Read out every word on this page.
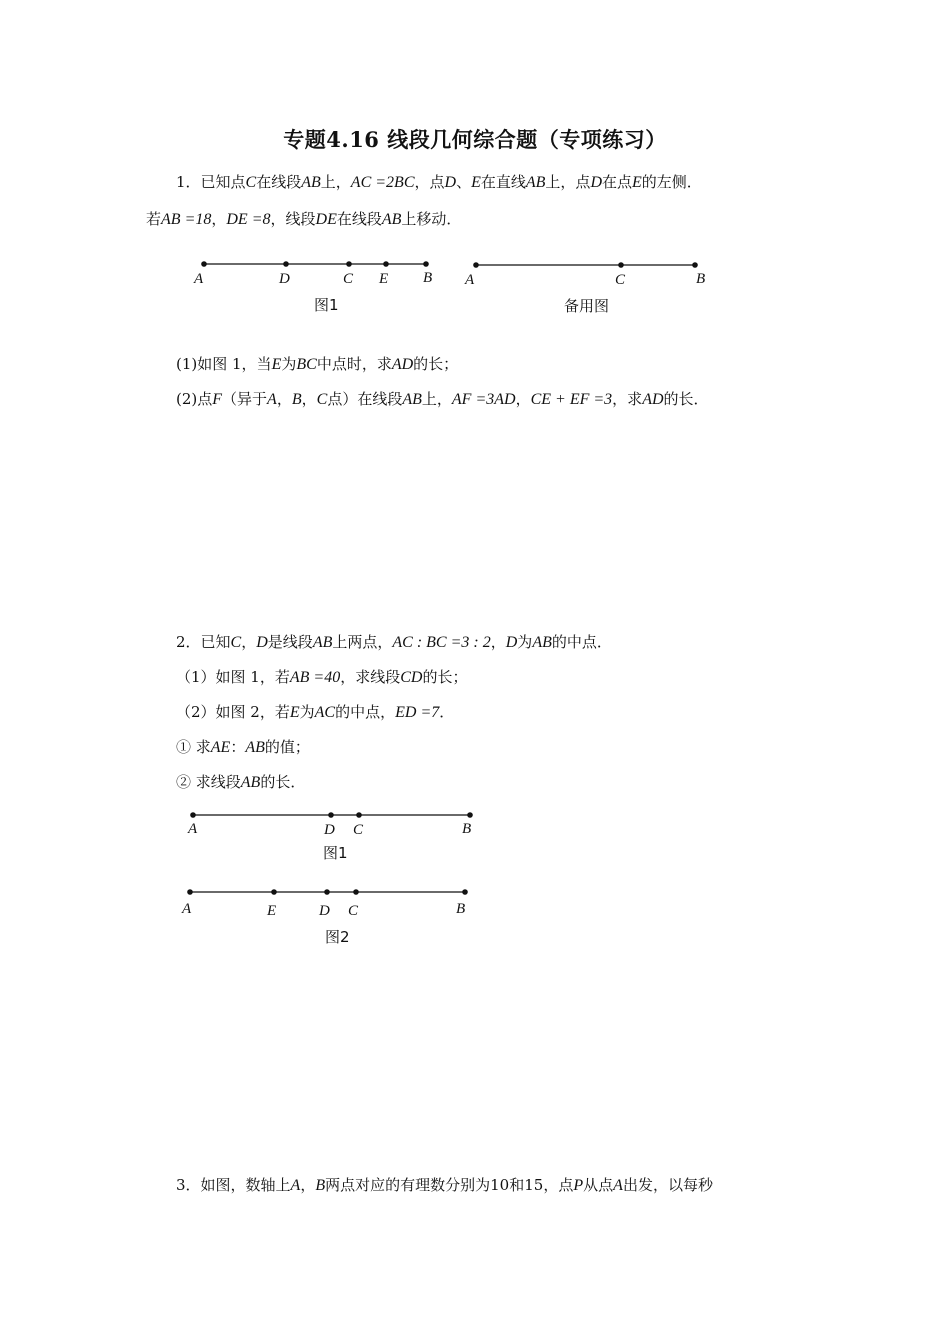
专题4.16 线段几何综合题（专项练习）
1．已知点C在线段AB上，AC =2BC，点D、E在直线AB上，点D在点E的左侧．
若AB =18，DE =8，线段DE在线段AB上移动．
A	D	C E B
图1
A	C	B
备用图
(1)如图 1，当E为BC中点时，求AD的长；
(2)点F（异于A，B，C点）在线段AB上，AF =3AD，CE + EF =3，求AD的长．
2．已知C，D是线段AB上两点，AC : BC =3 : 2，D为AB的中点．
（1）如图 1，若AB =40，求线段CD的长；
（2）如图 2，若E为AC的中点，ED =7．
① 求AE：AB的值；
② 求线段AB的长．
A	D C	B
图1
A	E	D C	B
图2
3．如图，数轴上A，B两点对应的有理数分别为10和15，点P从点A出发，以每秒
